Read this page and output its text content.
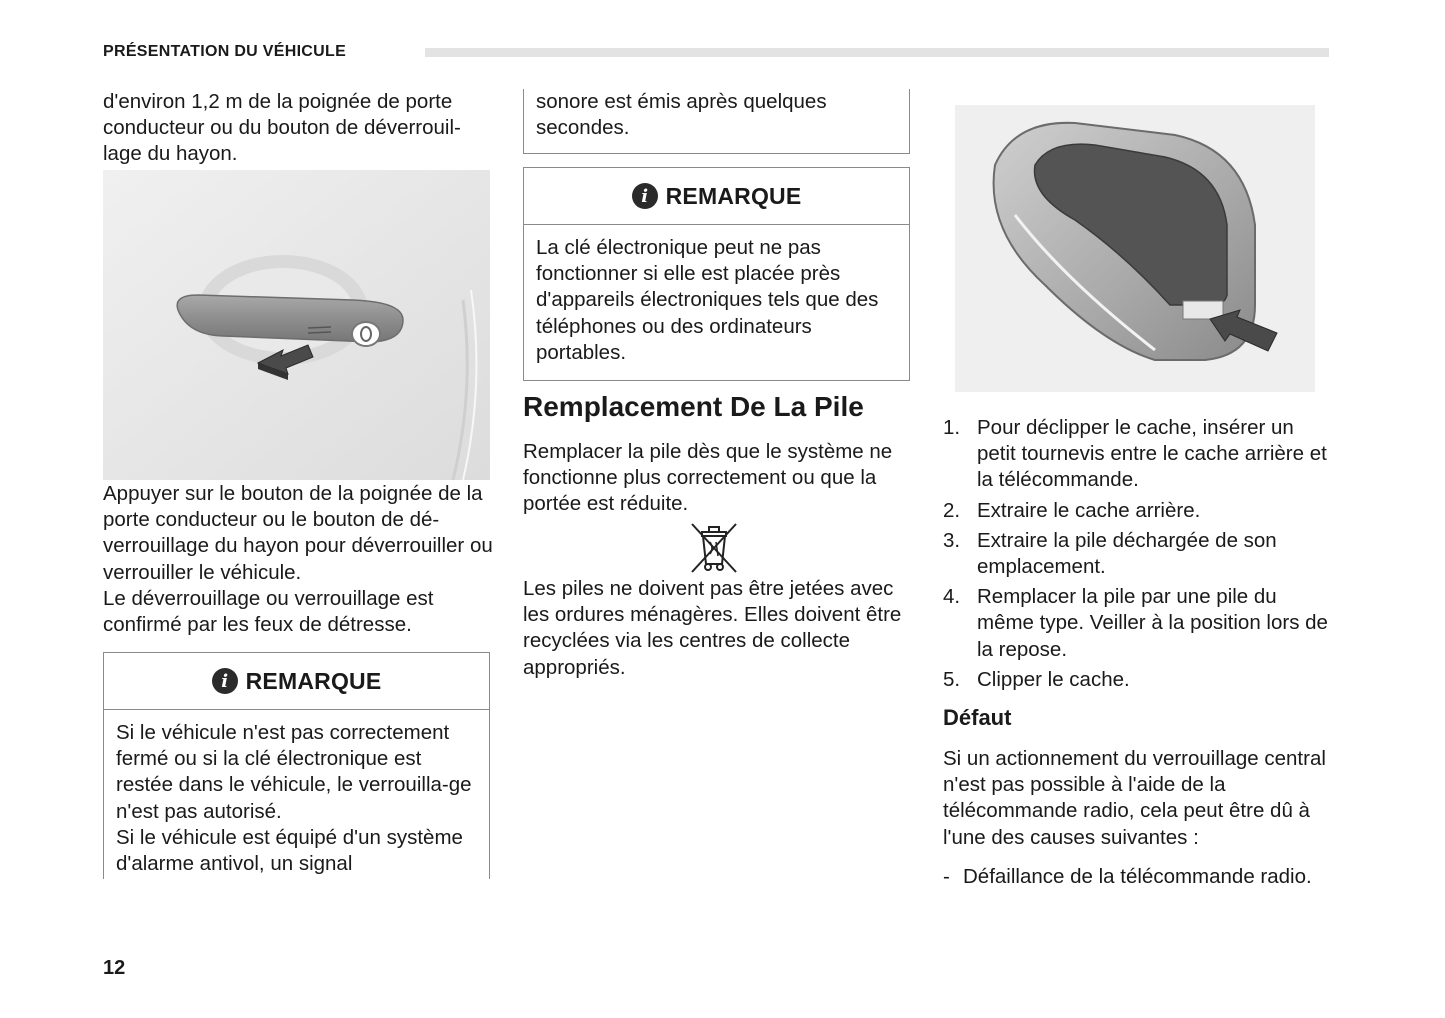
PRÉSENTATION DU VÉHICULE
d'environ 1,2 m de la poignée de porte conducteur ou du bouton de déverrouil-lage du hayon.
Appuyer sur le bouton de la poignée de la porte conducteur ou le bouton de dé-verrouillage du hayon pour déverrouiller ou verrouiller le véhicule.
Le déverrouillage ou verrouillage est confirmé par les feux de détresse.
i REMARQUE
Si le véhicule n'est pas correctement fermé ou si la clé électronique est restée dans le véhicule, le verrouilla-ge n'est pas autorisé.
Si le véhicule est équipé d'un système d'alarme antivol, un signal
sonore est émis après quelques secondes.
i REMARQUE
La clé électronique peut ne pas fonctionner si elle est placée près d'appareils électroniques tels que des téléphones ou des ordinateurs portables.
Remplacement De La Pile
Remplacer la pile dès que le système ne fonctionne plus correctement ou que la portée est réduite.
Les piles ne doivent pas être jetées avec les ordures ménagères. Elles doivent être recyclées via les centres de collecte appropriés.
1. Pour déclipper le cache, insérer un petit tournevis entre le cache arrière et la télécommande.
2. Extraire le cache arrière.
3. Extraire la pile déchargée de son emplacement.
4. Remplacer la pile par une pile du même type. Veiller à la position lors de la repose.
5. Clipper le cache.
Défaut
Si un actionnement du verrouillage central n'est pas possible à l'aide de la télécommande radio, cela peut être dû à l'une des causes suivantes :
- Défaillance de la télécommande radio.
12
